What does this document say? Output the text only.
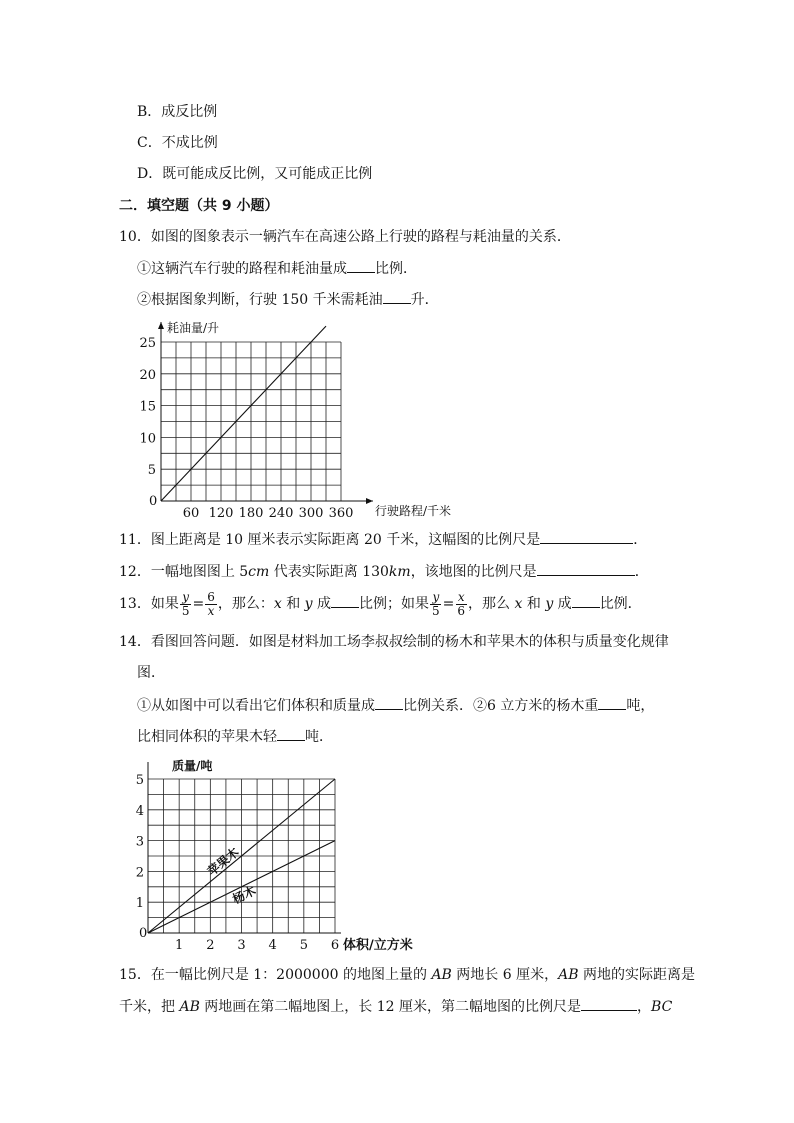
B．成反比例
C．不成比例
D．既可能成反比例，又可能成正比例
二．填空题（共 9 小题）
10．如图的图象表示一辆汽车在高速公路上行驶的路程与耗油量的关系．
①这辆汽车行驶的路程和耗油量成 比例．
②根据图象判断，行驶 150 千米需耗油 升．
0
60 120 180 240 300 360
5
10
15
20
25
耗油量/升
行驶路程/千米
11．图上距离是 10 厘米表示实际距离 20 千米，这幅图的比例尺是	．
12．一幅地图图上 5cm 代表实际距离 130km，该地图的比例尺是	．
13．如果 $\frac{y}{5} = \frac{6}{x}$ ，那么：x 和 y 成 比例；如果 $\frac{y}{5} = \frac{x}{6}$ ，那么 x 和 y 成 比例．
14．看图回答问题．如图是材料加工场李叔叔绘制的杨木和苹果木的体积与质量变化规律
图．
①从如图中可以看出它们体积和质量成 比例关系．②6 立方米的杨木重 吨，
比相同体积的苹果木轻 吨．
0
1 2 3 4 5 6
1
2
3
4
5
质量/吨
体积/立方米
苹果木
杨木
15．在一幅比例尺是 1：2000000 的地图上量的 AB 两地长 6 厘米，AB 两地的实际距离是
千米，把 AB 两地画在第二幅地图上，长 12 厘米，第二幅地图的比例尺是	，BC
